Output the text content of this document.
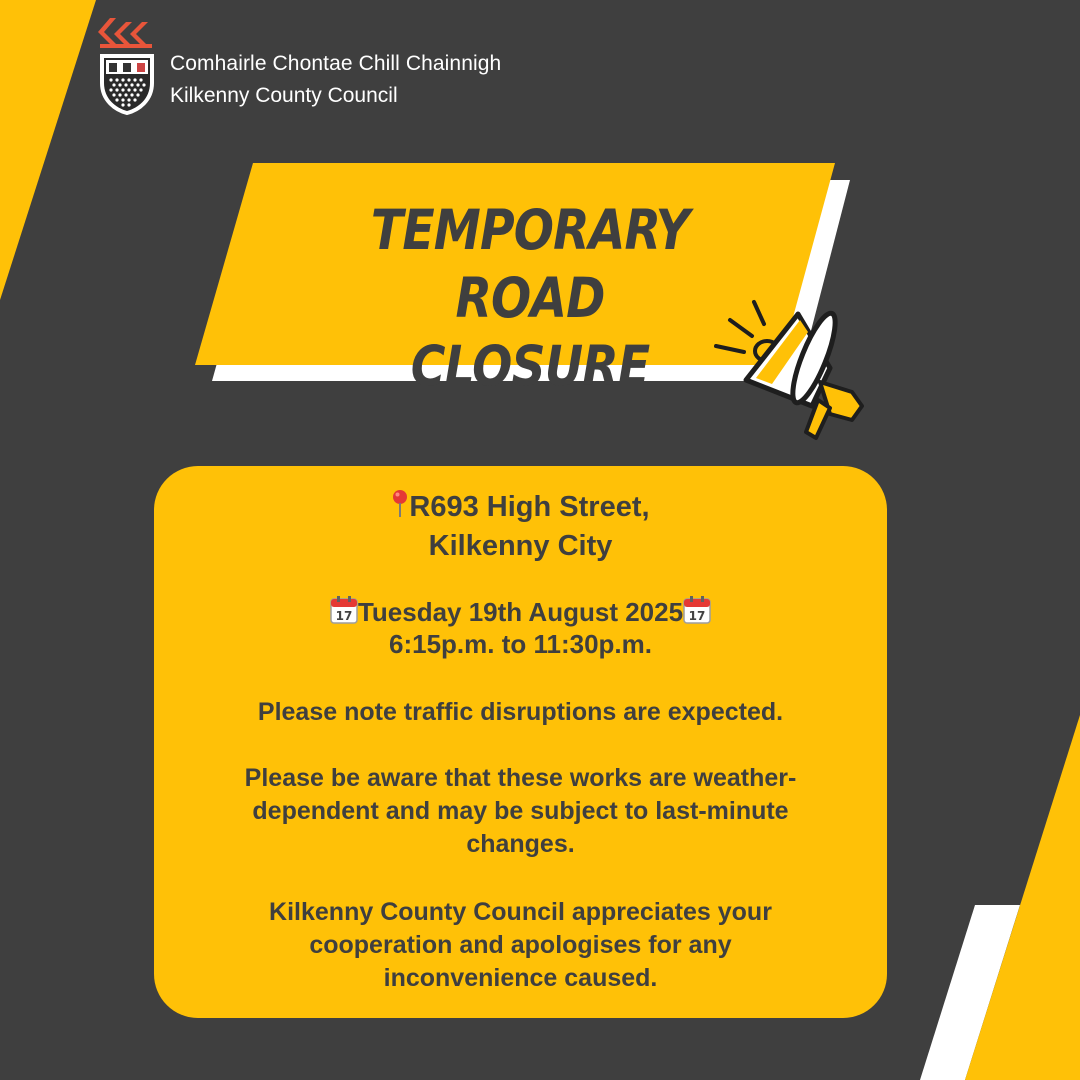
Comhairle Chontae Chill Chainnigh
Kilkenny County Council
TEMPORARY ROAD
CLOSURE
R693 High Street,
Kilkenny City
17 Tuesday 19th August 2025 17
6:15p.m. to 11:30p.m.
Please note traffic disruptions are expected.
Please be aware that these works are weather-
dependent and may be subject to last-minute
changes.
Kilkenny County Council appreciates your
cooperation and apologises for any
inconvenience caused.
